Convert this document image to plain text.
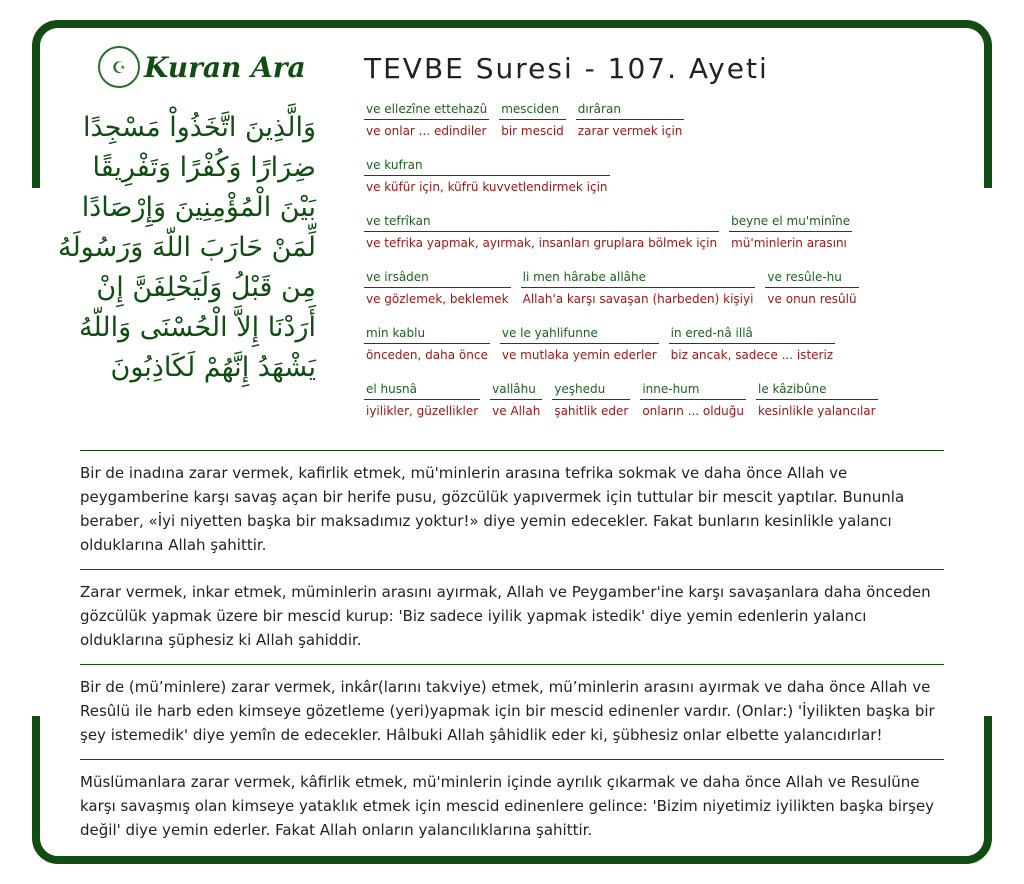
☪ Kuran Ara
وَالَّذِينَ اتَّخَذُواْ مَسْجِدًا ضِرَارًا وَكُفْرًا وَتَفْرِيقًا بَيْنَ الْمُؤْمِنِينَ وَإِرْصَادًا لِّمَنْ حَارَبَ اللّهَ وَرَسُولَهُ مِن قَبْلُ وَلَيَحْلِفَنَّ إِنْ أَرَدْنَا إِلاَّ الْحُسْنَى وَاللّهُ يَشْهَدُ إِنَّهُمْ لَكَاذِبُونَ
TEVBE Suresi - 107. Ayeti
ve ellezîne ettehazû
ve onlar ... edindiler
mesciden
bir mescid
dırâran
zarar vermek için
ve kufran
ve küfür için, küfrü kuvvetlendirmek için
ve tefrîkan
ve tefrika yapmak, ayırmak, insanları gruplara bölmek için
beyne el mu'minîne
mü'minlerin arasını
ve irsâden
ve gözlemek, beklemek
li men hârabe allâhe
Allah'a karşı savaşan (harbeden) kişiyi
ve resûle-hu
ve onun resûlü
min kablu
önceden, daha önce
ve le yahlifunne
ve mutlaka yemin ederler
in ered-nâ illâ
biz ancak, sadece ... isteriz
el husnâ
iyilikler, güzellikler
vallâhu
ve Allah
yeşhedu
şahitlik eder
inne-hum
onların ... olduğu
le kâzibûne
kesinlikle yalancılar
Bir de inadına zarar vermek, kafirlik etmek, mü'minlerin arasına tefrika sokmak ve daha önce Allah ve peygamberine karşı savaş açan bir herife pusu, gözcülük yapıvermek için tuttular bir mescit yaptılar. Bununla beraber, «İyi niyetten başka bir maksadımız yoktur!» diye yemin edecekler. Fakat bunların kesinlikle yalancı olduklarına Allah şahittir.
Zarar vermek, inkar etmek, müminlerin arasını ayırmak, Allah ve Peygamber'ine karşı savaşanlara daha önceden gözcülük yapmak üzere bir mescid kurup: 'Biz sadece iyilik yapmak istedik' diye yemin edenlerin yalancı olduklarına şüphesiz ki Allah şahiddir.
Bir de (mü’minlere) zarar vermek, inkâr(larını takviye) etmek, mü’minlerin arasını ayırmak ve daha önce Allah ve Resûlü ile harb eden kimseye gözetleme (yeri)yapmak için bir mescid edinenler vardır. (Onlar:) 'İyilikten başka bir şey istemedik' diye yemîn de edecekler. Hâlbuki Allah şâhidlik eder ki, şübhesiz onlar elbette yalancıdırlar!
Müslümanlara zarar vermek, kâfirlik etmek, mü'minlerin içinde ayrılık çıkarmak ve daha önce Allah ve Resulüne karşı savaşmış olan kimseye yataklık etmek için mescid edinenlere gelince: 'Bizim niyetimiz iyilikten başka birşey değil' diye yemin ederler. Fakat Allah onların yalancılıklarına şahittir.
